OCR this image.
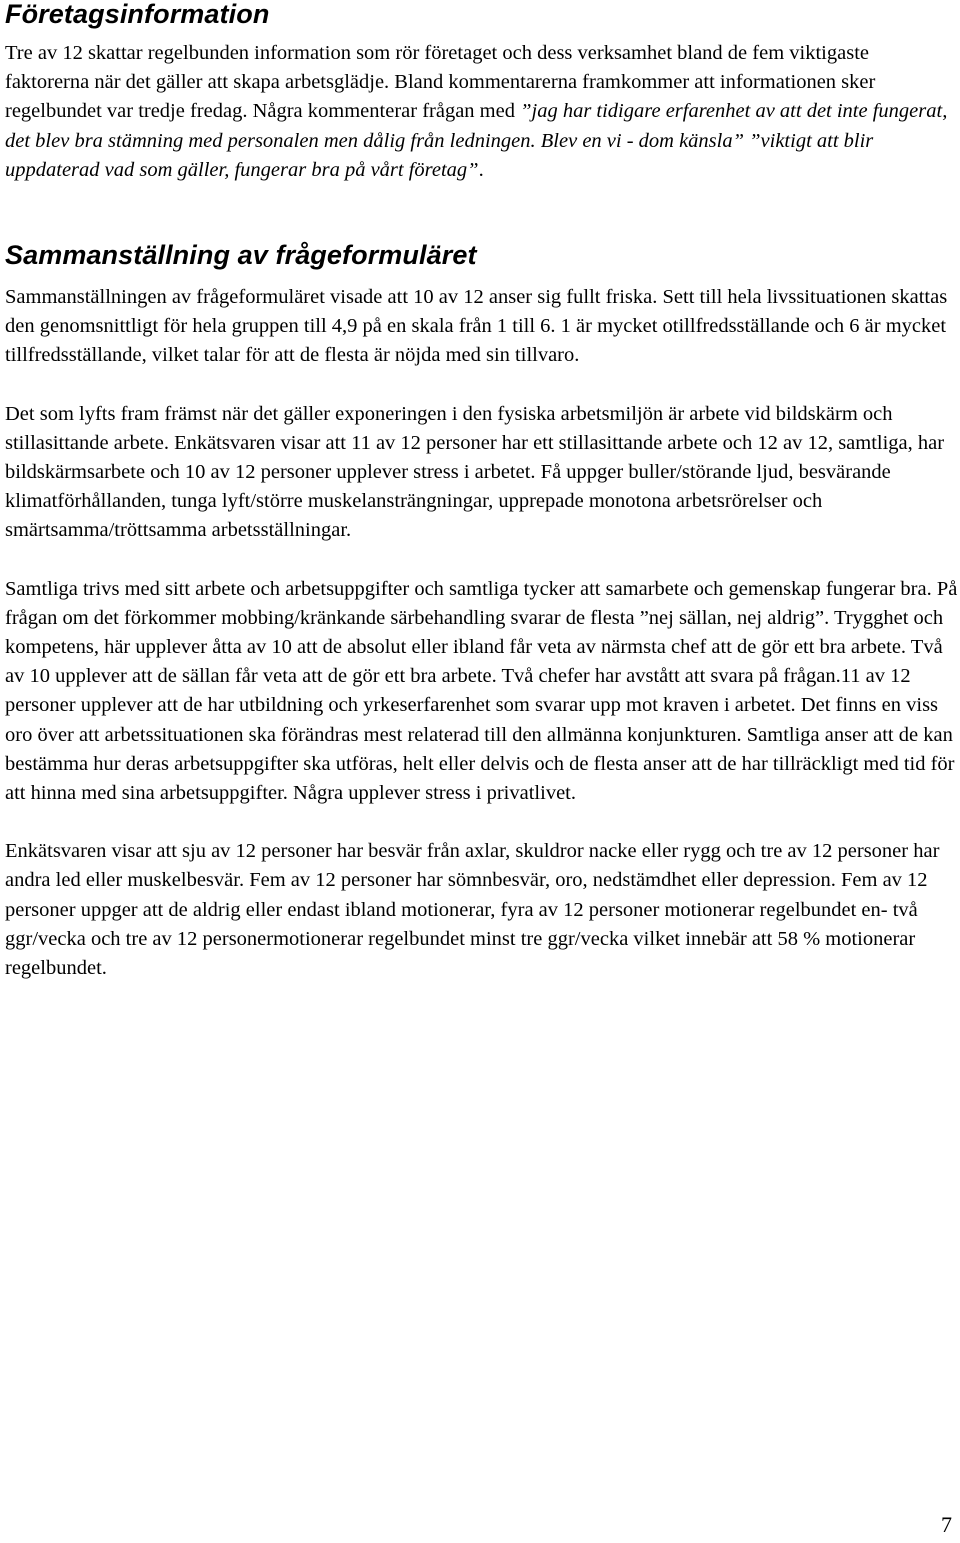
Företagsinformation

Tre av 12 skattar regelbunden information som rör företaget och dess verksamhet bland de fem viktigaste faktorerna när det gäller att skapa arbetsglädje. Bland kommentarerna framkommer att informationen sker regelbundet var tredje fredag. Några kommenterar frågan med ”jag har tidigare erfarenhet av att det inte fungerat, det blev bra stämning med personalen men dålig från ledningen. Blev en vi - dom känsla” ”viktigt att blir uppdaterad vad som gäller, fungerar bra på vårt företag”.

Sammanställning av frågeformuläret

Sammanställningen av frågeformuläret visade att 10 av 12 anser sig fullt friska. Sett till hela livssituationen skattas den genomsnittligt för hela gruppen till 4,9 på en skala från 1 till 6. 1 är mycket otillfredsställande och 6 är mycket tillfredsställande, vilket talar för att de flesta är nöjda med sin tillvaro.

Det som lyfts fram främst när det gäller exponeringen i den fysiska arbetsmiljön är arbete vid bildskärm och stillasittande arbete. Enkätsvaren visar att 11 av 12 personer har ett stillasittande arbete och 12 av 12, samtliga, har bildskärmsarbete och 10 av 12 personer upplever stress i arbetet. Få uppger buller/störande ljud, besvärande klimatförhållanden, tunga lyft/större muskelansträngningar, upprepade monotona arbetsrörelser och smärtsamma/tröttsamma arbetsställningar.

Samtliga trivs med sitt arbete och arbetsuppgifter och samtliga tycker att samarbete och gemenskap fungerar bra. På frågan om det förkommer mobbing/kränkande särbehandling svarar de flesta ”nej sällan, nej aldrig”. Trygghet och kompetens, här upplever åtta av 10 att de absolut eller ibland får veta av närmsta chef att de gör ett bra arbete. Två av 10 upplever att de sällan får veta att de gör ett bra arbete. Två chefer har avstått att svara på frågan.11 av 12 personer upplever att de har utbildning och yrkeserfarenhet som svarar upp mot kraven i arbetet. Det finns en viss oro över att arbetssituationen ska förändras mest relaterad till den allmänna konjunkturen. Samtliga anser att de kan bestämma hur deras arbetsuppgifter ska utföras, helt eller delvis och de flesta anser att de har tillräckligt med tid för att hinna med sina arbetsuppgifter. Några upplever stress i privatlivet.

Enkätsvaren visar att sju av 12 personer har besvär från axlar, skuldror nacke eller rygg och tre av 12 personer har andra led eller muskelbesvär. Fem av 12 personer har sömnbesvär, oro, nedstämdhet eller depression. Fem av 12 personer uppger att de aldrig eller endast ibland motionerar, fyra av 12 personer motionerar regelbundet en- två ggr/vecka och tre av 12 personermotionerar regelbundet minst tre ggr/vecka vilket innebär att 58 % motionerar regelbundet.

7
